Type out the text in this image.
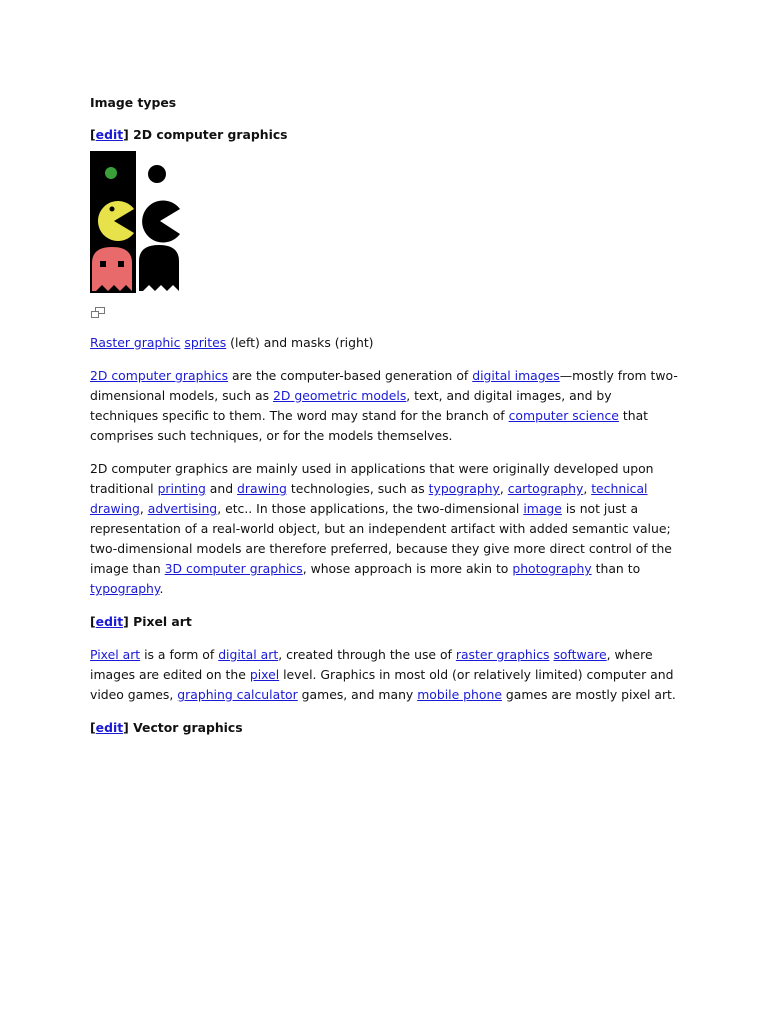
Image types

[edit] 2D computer graphics

Raster graphic sprites (left) and masks (right)

2D computer graphics are the computer-based generation of digital images—mostly from two-dimensional models, such as 2D geometric models, text, and digital images, and by techniques specific to them. The word may stand for the branch of computer science that comprises such techniques, or for the models themselves.

2D computer graphics are mainly used in applications that were originally developed upon traditional printing and drawing technologies, such as typography, cartography, technical drawing, advertising, etc.. In those applications, the two-dimensional image is not just a representation of a real-world object, but an independent artifact with added semantic value; two-dimensional models are therefore preferred, because they give more direct control of the image than 3D computer graphics, whose approach is more akin to photography than to typography.

[edit] Pixel art

Pixel art is a form of digital art, created through the use of raster graphics software, where images are edited on the pixel level. Graphics in most old (or relatively limited) computer and video games, graphing calculator games, and many mobile phone games are mostly pixel art.

[edit] Vector graphics
